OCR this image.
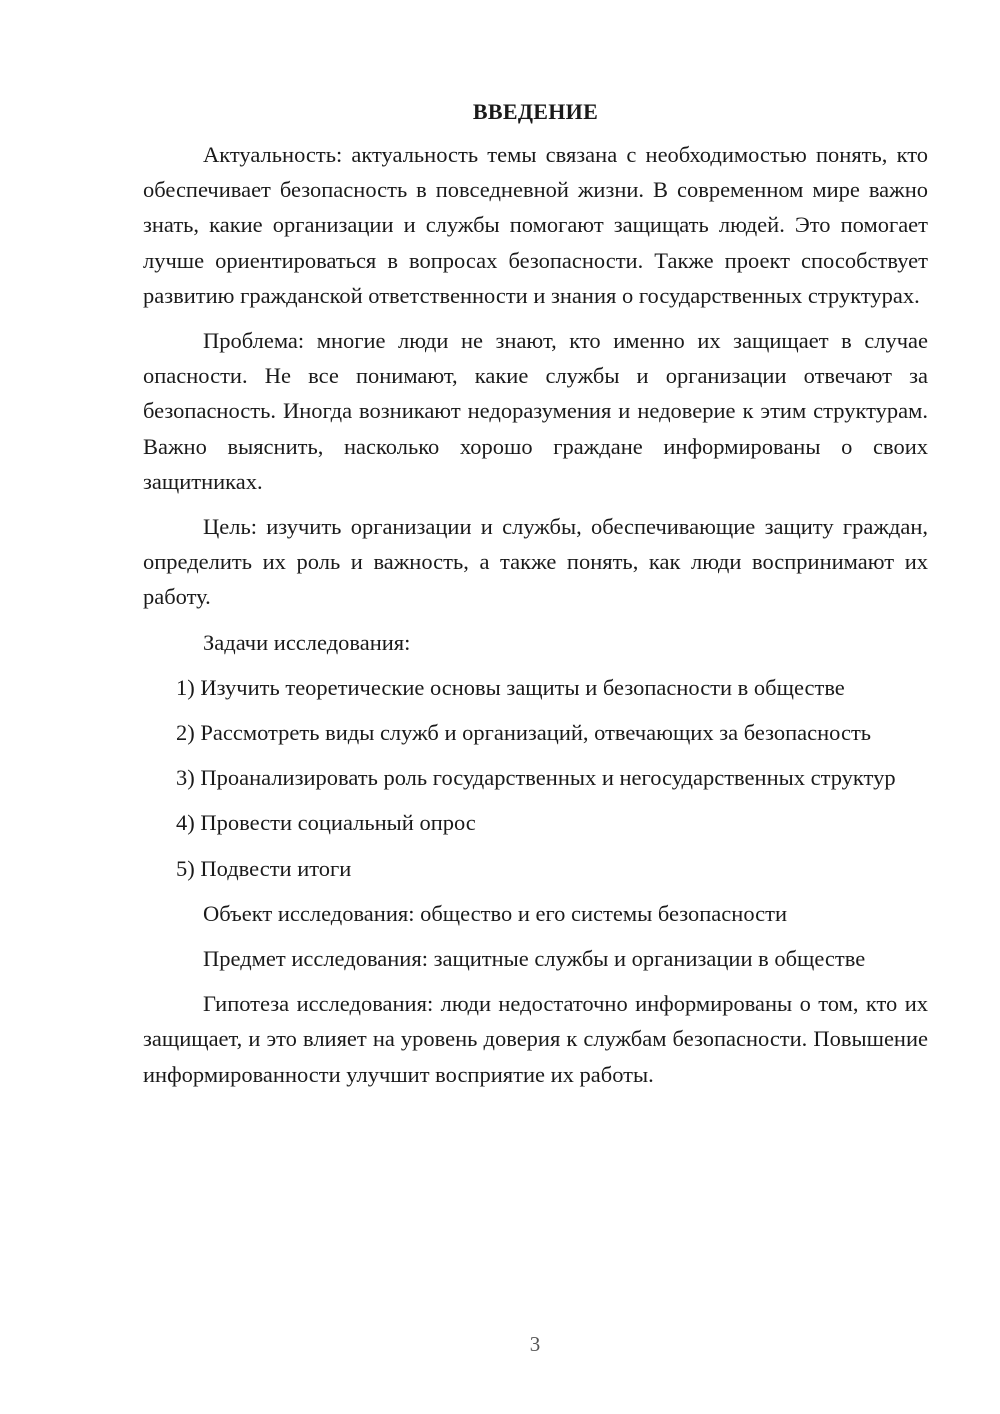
ВВЕДЕНИЕ

Актуальность: актуальность темы связана с необходимостью понять, кто обеспечивает безопасность в повседневной жизни. В современном мире важно знать, какие организации и службы помогают защищать людей. Это помогает лучше ориентироваться в вопросах безопасности. Также проект способствует развитию гражданской ответственности и знания о государственных структурах.

Проблема: многие люди не знают, кто именно их защищает в случае опасности. Не все понимают, какие службы и организации отвечают за безопасность. Иногда возникают недоразумения и недоверие к этим структурам. Важно выяснить, насколько хорошо граждане информированы о своих защитниках.

Цель: изучить организации и службы, обеспечивающие защиту граждан, определить их роль и важность, а также понять, как люди воспринимают их работу.

Задачи исследования:

1) Изучить теоретические основы защиты и безопасности в обществе

2) Рассмотреть виды служб и организаций, отвечающих за безопасность

3) Проанализировать роль государственных и негосударственных структур

4) Провести социальный опрос

5) Подвести итоги

Объект исследования: общество и его системы безопасности

Предмет исследования: защитные службы и организации в обществе

Гипотеза исследования: люди недостаточно информированы о том, кто их защищает, и это влияет на уровень доверия к службам безопасности. Повышение информированности улучшит восприятие их работы.

3
